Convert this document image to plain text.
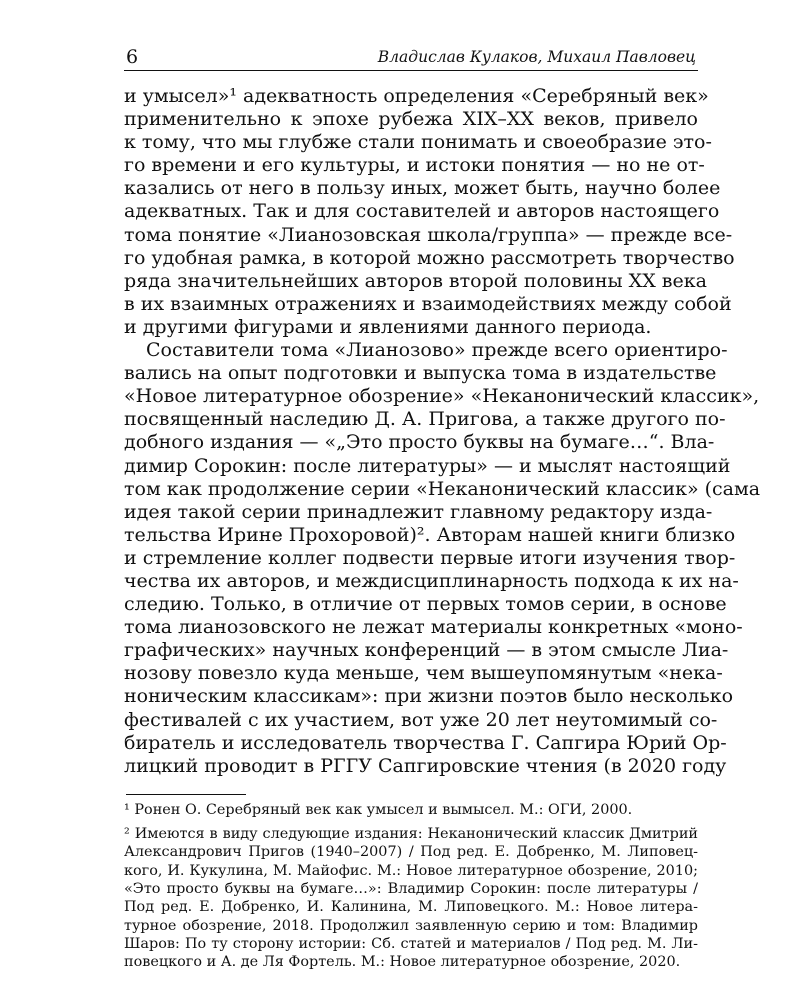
6	Владислав Кулаков, Михаил Павловец
и умысел»¹ адекватность определения «Серебряный век»
применительно к эпохе рубежа XIX–XX веков, привело
к тому, что мы глубже стали понимать и своеобразие это-
го времени и его культуры, и истоки понятия — но не от-
казались от него в пользу иных, может быть, научно более
адекватных. Так и для составителей и авторов настоящего
тома понятие «Лианозовская школа/группа» — прежде все-
го удобная рамка, в которой можно рассмотреть творчество
ряда значительнейших авторов второй половины XX века
в их взаимных отражениях и взаимодействиях между собой
и другими фигурами и явлениями данного периода.
Составители тома «Лианозово» прежде всего ориентиро-
вались на опыт подготовки и выпуска тома в издательстве
«Новое литературное обозрение» «Неканонический классик»,
посвященный наследию Д. А. Пригова, а также другого по-
добного издания — «„Это просто буквы на бумаге…“. Вла-
димир Сорокин: после литературы» — и мыслят настоящий
том как продолжение серии «Неканонический классик» (сама
идея такой серии принадлежит главному редактору изда-
тельства Ирине Прохоровой)². Авторам нашей книги близко
и стремление коллег подвести первые итоги изучения твор-
чества их авторов, и междисциплинарность подхода к их на-
следию. Только, в отличие от первых томов серии, в основе
тома лианозовского не лежат материалы конкретных «моно-
графических» научных конференций — в этом смысле Лиа-
нозову повезло куда меньше, чем вышеупомянутым «нека-
ноническим классикам»: при жизни поэтов было несколько
фестивалей с их участием, вот уже 20 лет неутомимый со-
биратель и исследователь творчества Г. Сапгира Юрий Ор-
лицкий проводит в РГГУ Сапгировские чтения (в 2020 году
¹ Ронен О. Серебряный век как умысел и вымысел. М.: ОГИ, 2000.
² Имеются в виду следующие издания: Неканонический классик Дмитрий
Александрович Пригов (1940–2007) / Под ред. Е. Добренко, М. Липовец-
кого, И. Кукулина, М. Майофис. М.: Новое литературное обозрение, 2010;
«Это просто буквы на бумаге…»: Владимир Сорокин: после литературы /
Под ред. Е. Добренко, И. Калинина, М. Липовецкого. М.: Новое литера-
турное обозрение, 2018. Продолжил заявленную серию и том: Владимир
Шаров: По ту сторону истории: Сб. статей и материалов / Под ред. М. Ли-
повецкого и А. де Ля Фортель. М.: Новое литературное обозрение, 2020.
